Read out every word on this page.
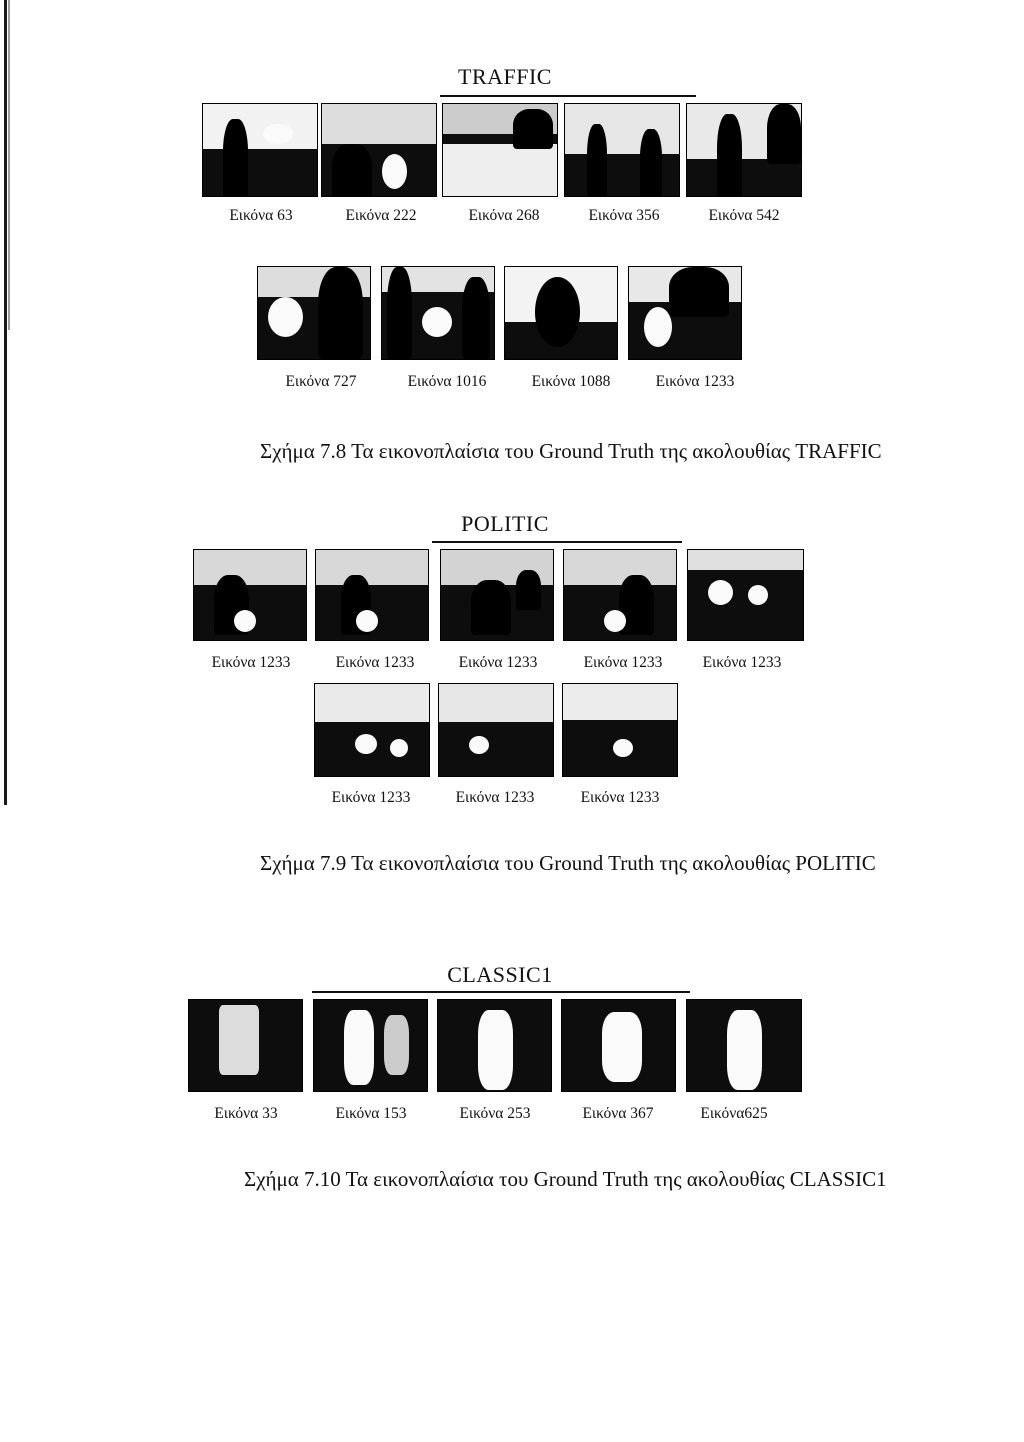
TRAFFIC
Εικόνα 63	Εικόνα 222	Εικόνα 268	Εικόνα 356	Εικόνα 542
Εικόνα 727	Εικόνα 1016	Εικόνα 1088	Εικόνα 1233
Σχήμα 7.8 Τα εικονοπλαίσια του Ground Truth της ακολουθίας TRAFFIC
POLITIC
Εικόνα 1233	Εικόνα 1233	Εικόνα 1233	Εικόνα 1233	Εικόνα 1233
Εικόνα 1233	Εικόνα 1233	Εικόνα 1233
Σχήμα 7.9 Τα εικονοπλαίσια του Ground Truth της ακολουθίας POLITIC
CLASSIC1
Εικόνα 33	Εικόνα 153	Εικόνα 253	Εικόνα 367	Εικόνα625
Σχήμα 7.10 Τα εικονοπλαίσια του Ground Truth της ακολουθίας CLASSIC1
